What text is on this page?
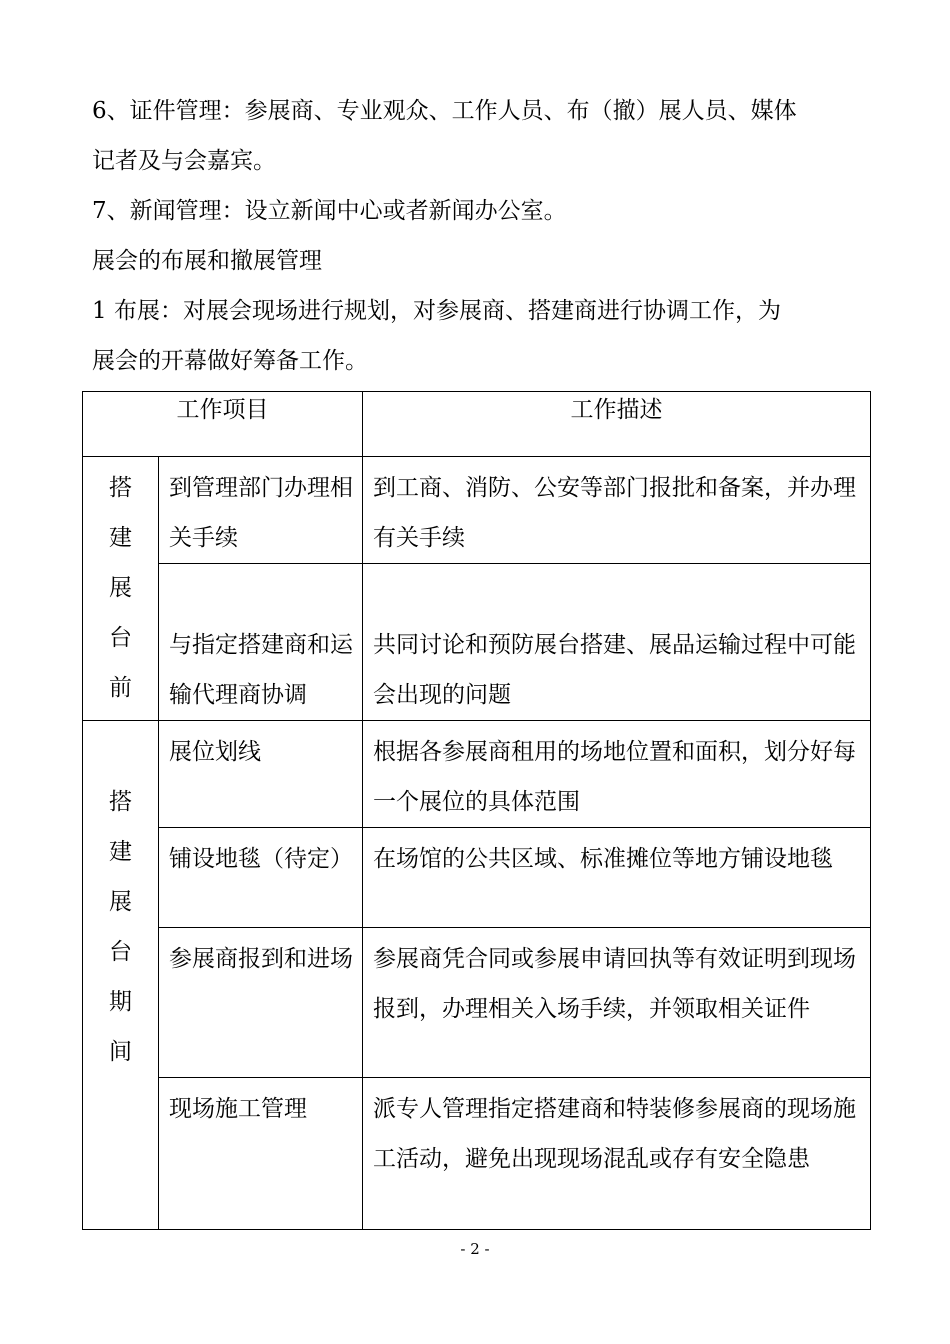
6、证件管理：参展商、专业观众、工作人员、布（撤）展人员、媒体

记者及与会嘉宾。

7、新闻管理：设立新闻中心或者新闻办公室。

展会的布展和撤展管理

1 布展：对展会现场进行规划，对参展商、搭建商进行协调工作，为

展会的开幕做好筹备工作。

工作项目		工作描述
搭建展台前	到管理部门办理相关手续	到工商、消防、公安等部门报批和备案，并办理有关手续
	与指定搭建商和运输代理商协调	共同讨论和预防展台搭建、展品运输过程中可能会出现的问题
搭建展台期间	展位划线	根据各参展商租用的场地位置和面积，划分好每一个展位的具体范围
	铺设地毯（待定）	在场馆的公共区域、标准摊位等地方铺设地毯
	参展商报到和进场	参展商凭合同或参展申请回执等有效证明到现场报到，办理相关入场手续，并领取相关证件
	现场施工管理	派专人管理指定搭建商和特装修参展商的现场施工活动，避免出现现场混乱或存有安全隐患
- 2 -
